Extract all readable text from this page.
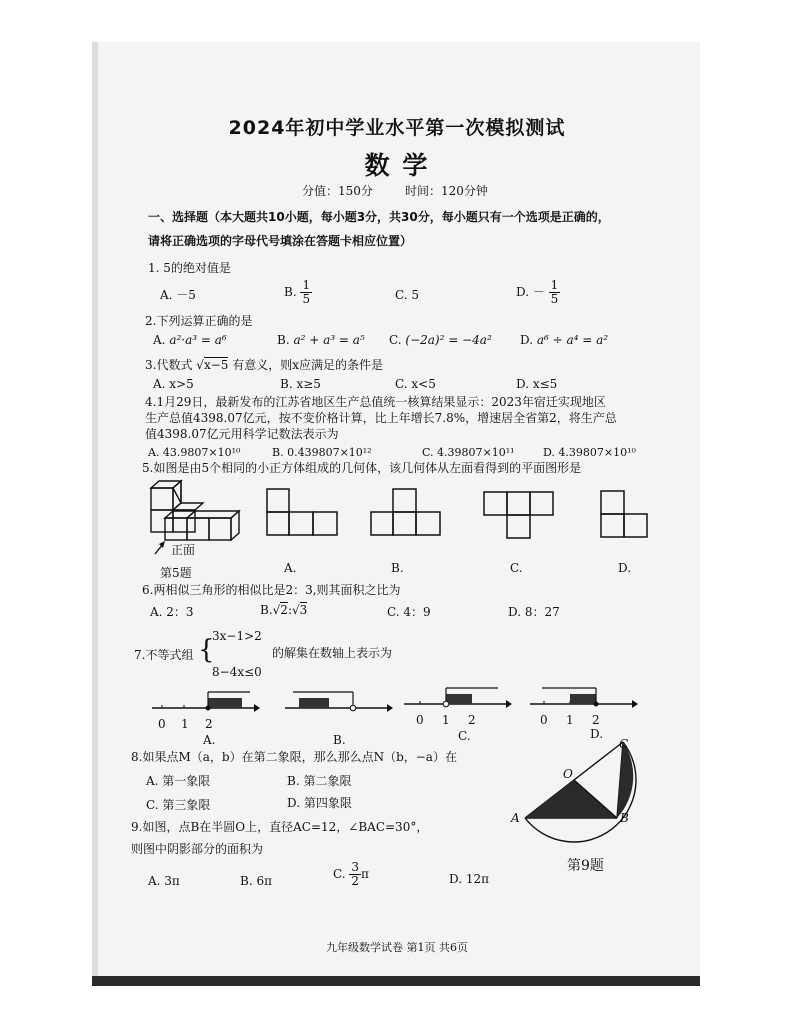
2024年初中学业水平第一次模拟测试
数 学
分值：150分	时间：120分钟
一、选择题（本大题共10小题，每小题3分，共30分，每小题只有一个选项是正确的，
请将正确选项的字母代号填涂在答题卡相应位置）
1. 5的绝对值是
A. －5	B. $\frac{1}{5}$	C. 5	D. － $\frac{1}{5}$
2.下列运算正确的是
A. a²·a³ = a⁶	B. a² + a³ = a⁵ C. (−2a)² = −4a² D. a⁶ ÷ a⁴ = a²
3.代数式 √x−5 有意义，则x应满足的条件是
A. x>5	B. x≥5	C. x<5	D. x≤5
4.1月29日，最新发布的江苏省地区生产总值统一核算结果显示：2023年宿迁实现地区
生产总值4398.07亿元，按不变价格计算，比上年增长7.8%，增速居全省第2，将生产总
值4398.07亿元用科学记数法表示为
A. 43.9807×10¹⁰	B. 0.439807×10¹²	C. 4.39807×10¹¹	D. 4.39807×10¹⁰
5.如图是由5个相同的小正方体组成的几何体，该几何体从左面看得到的平面图形是
正面
第5题	A.	B.	C.	D.
6.两相似三角形的相似比是2：3,则其面积之比为
A. 2：3	B.√2:√3	C. 4：9	D. 8：27
7.不等式组 {
3x−1>2
8−4x≤0
的解集在数轴上表示为
0 1 2
A.	B.
0 1 2
C.
0 1 2
D.
8.如果点M（a，b）在第二象限，那么那么点N（b，−a）在
A. 第一象限	B. 第二象限
C. 第三象限	D. 第四象限
9.如图，点B在半圆O上，直径AC=12，∠BAC=30°，
则图中阴影部分的面积为
A. 3π	B. 6π	C. $\frac{3}{2}$ π	D. 12π
O
A	B
C
第9题
九年级数学试卷 第1页 共6页
